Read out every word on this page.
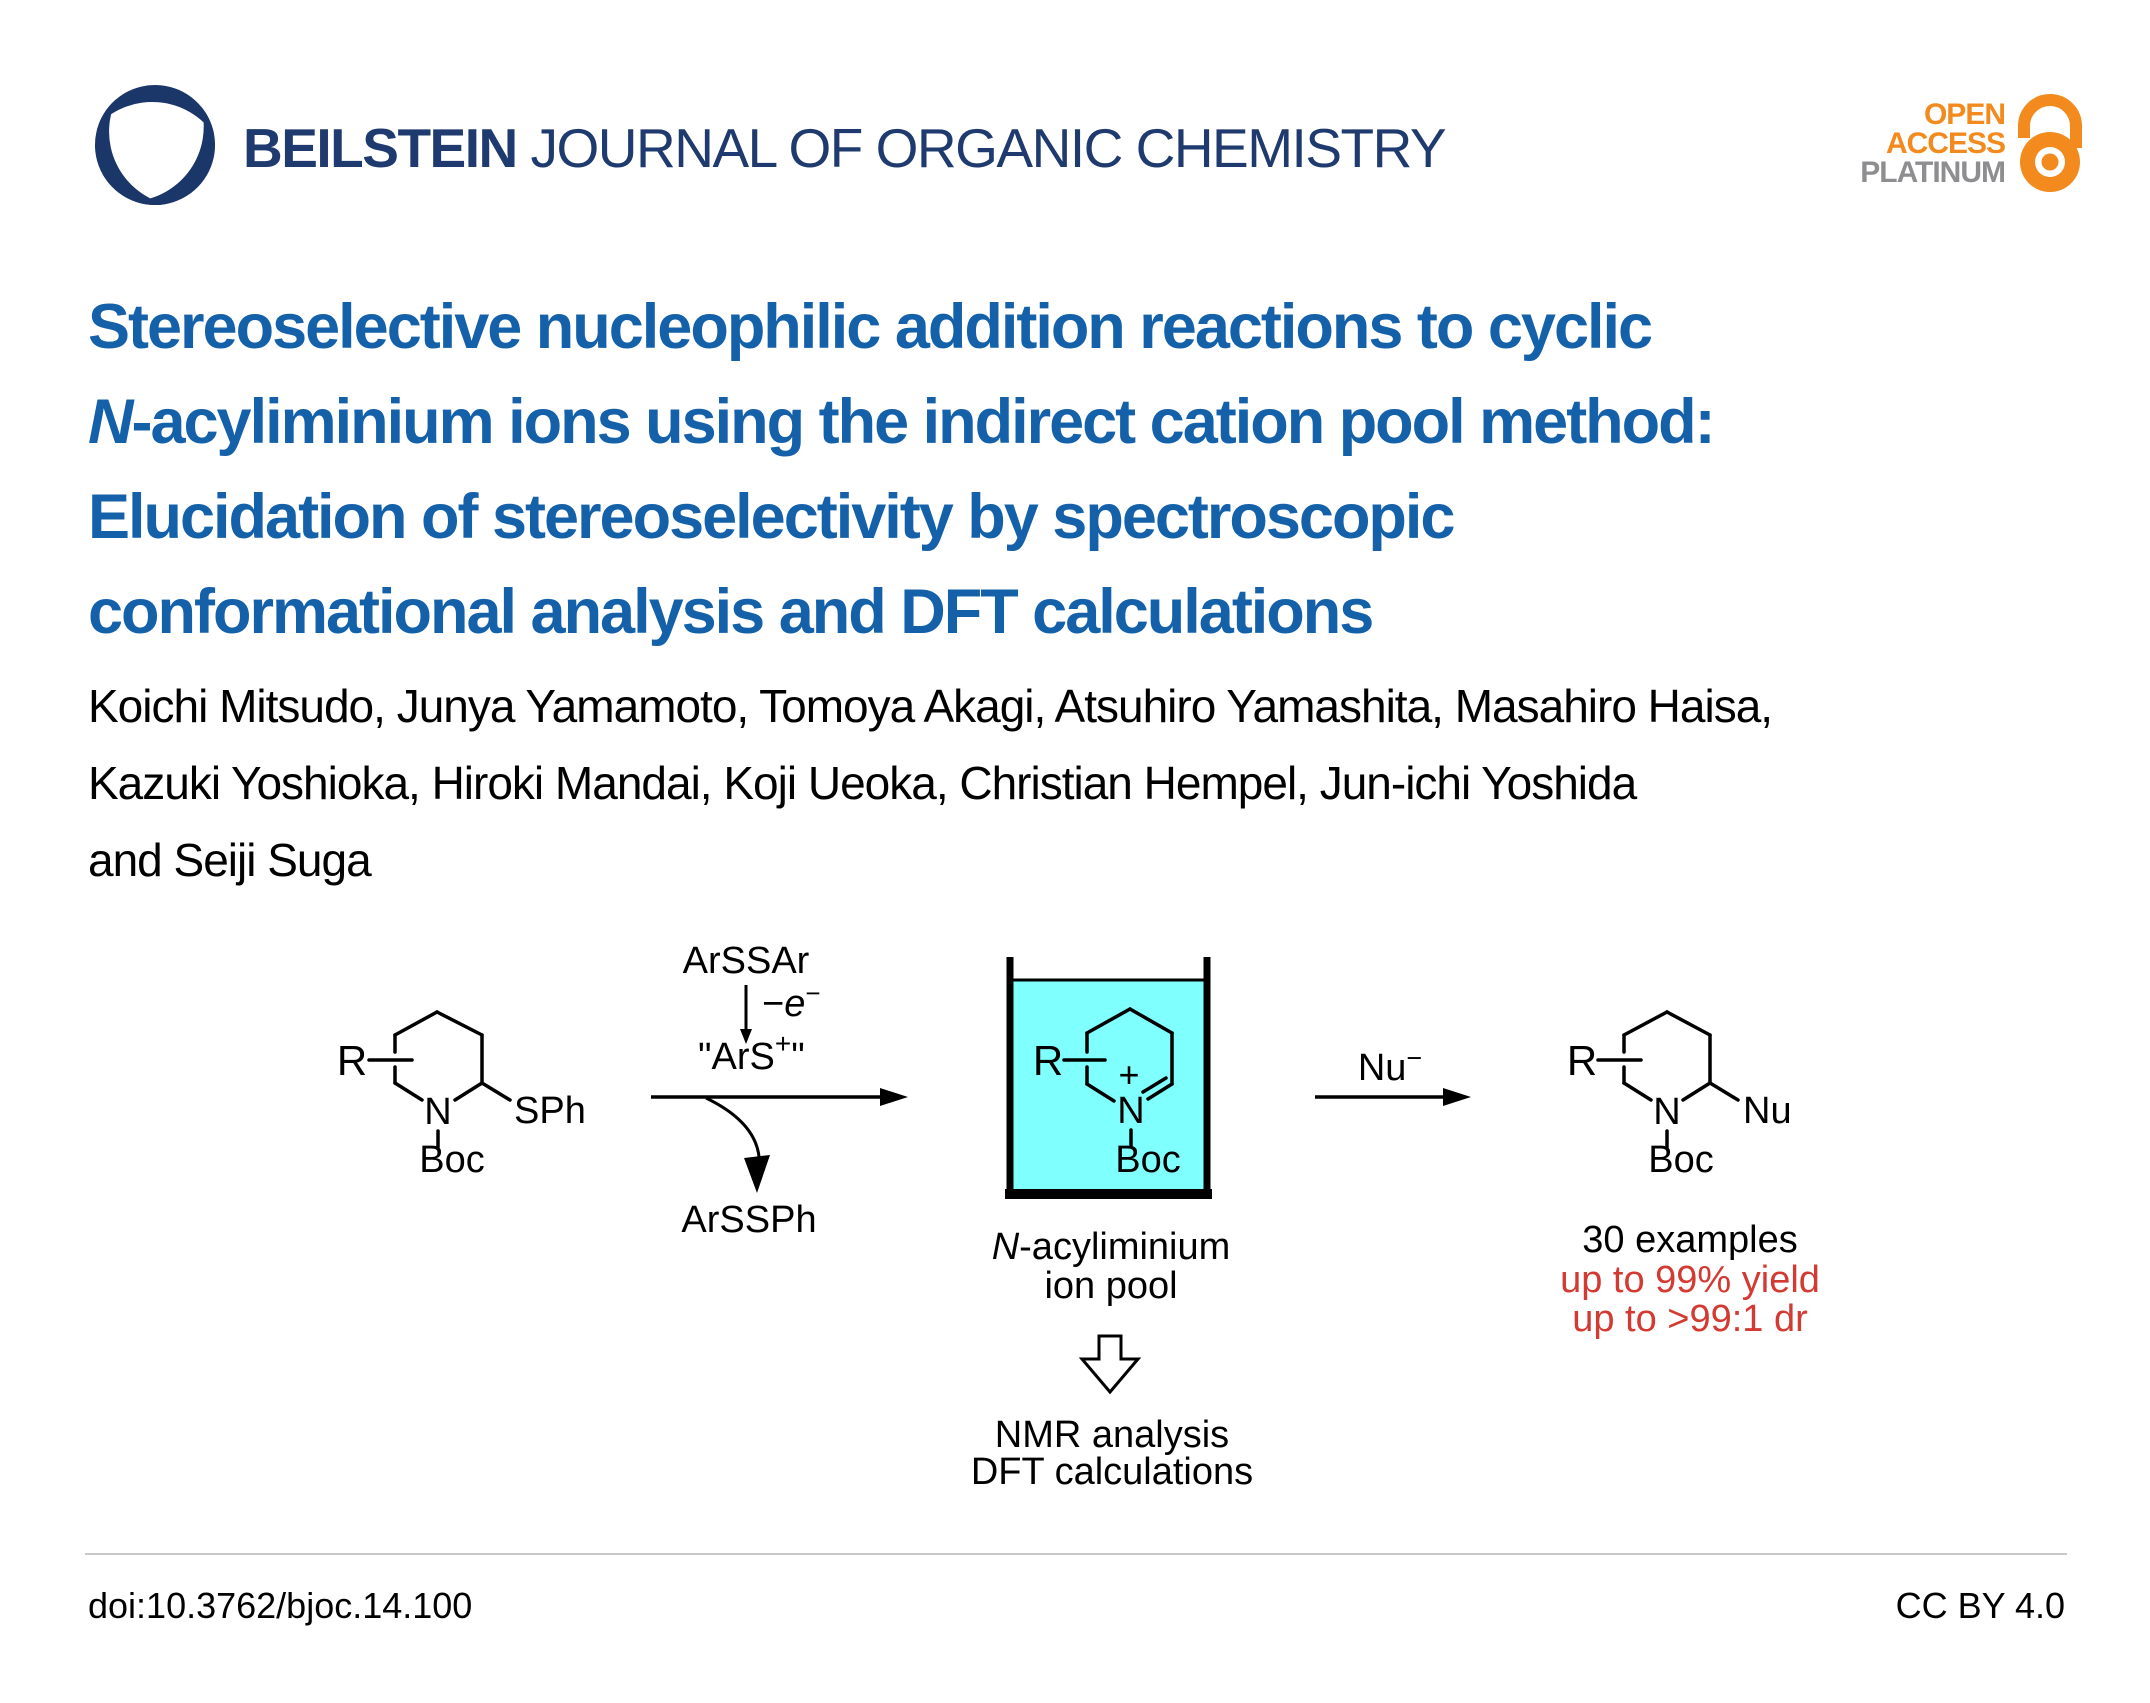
BEILSTEIN JOURNAL OF ORGANIC CHEMISTRY
OPEN
ACCESS
PLATINUM
Stereoselective nucleophilic addition reactions to cyclic
N-acyliminium ions using the indirect cation pool method:
Elucidation of stereoselectivity by spectroscopic
conformational analysis and DFT calculations
Koichi Mitsudo, Junya Yamamoto, Tomoya Akagi, Atsuhiro Yamashita, Masahiro Haisa,
Kazuki Yoshioka, Hiroki Mandai, Koji Ueoka, Christian Hempel, Jun-ichi Yoshida
and Seiji Suga
R
N
Boc
SPh
ArSSAr
−e−
"ArS+"
ArSSPh
R +
N
Boc
N-acyliminium
ion pool
NMR analysis
DFT calculations
Nu−	R
N
Boc
Nu
30 examples
up to 99% yield
up to >99:1 dr
doi:10.3762/bjoc.14.100	CC BY 4.0
